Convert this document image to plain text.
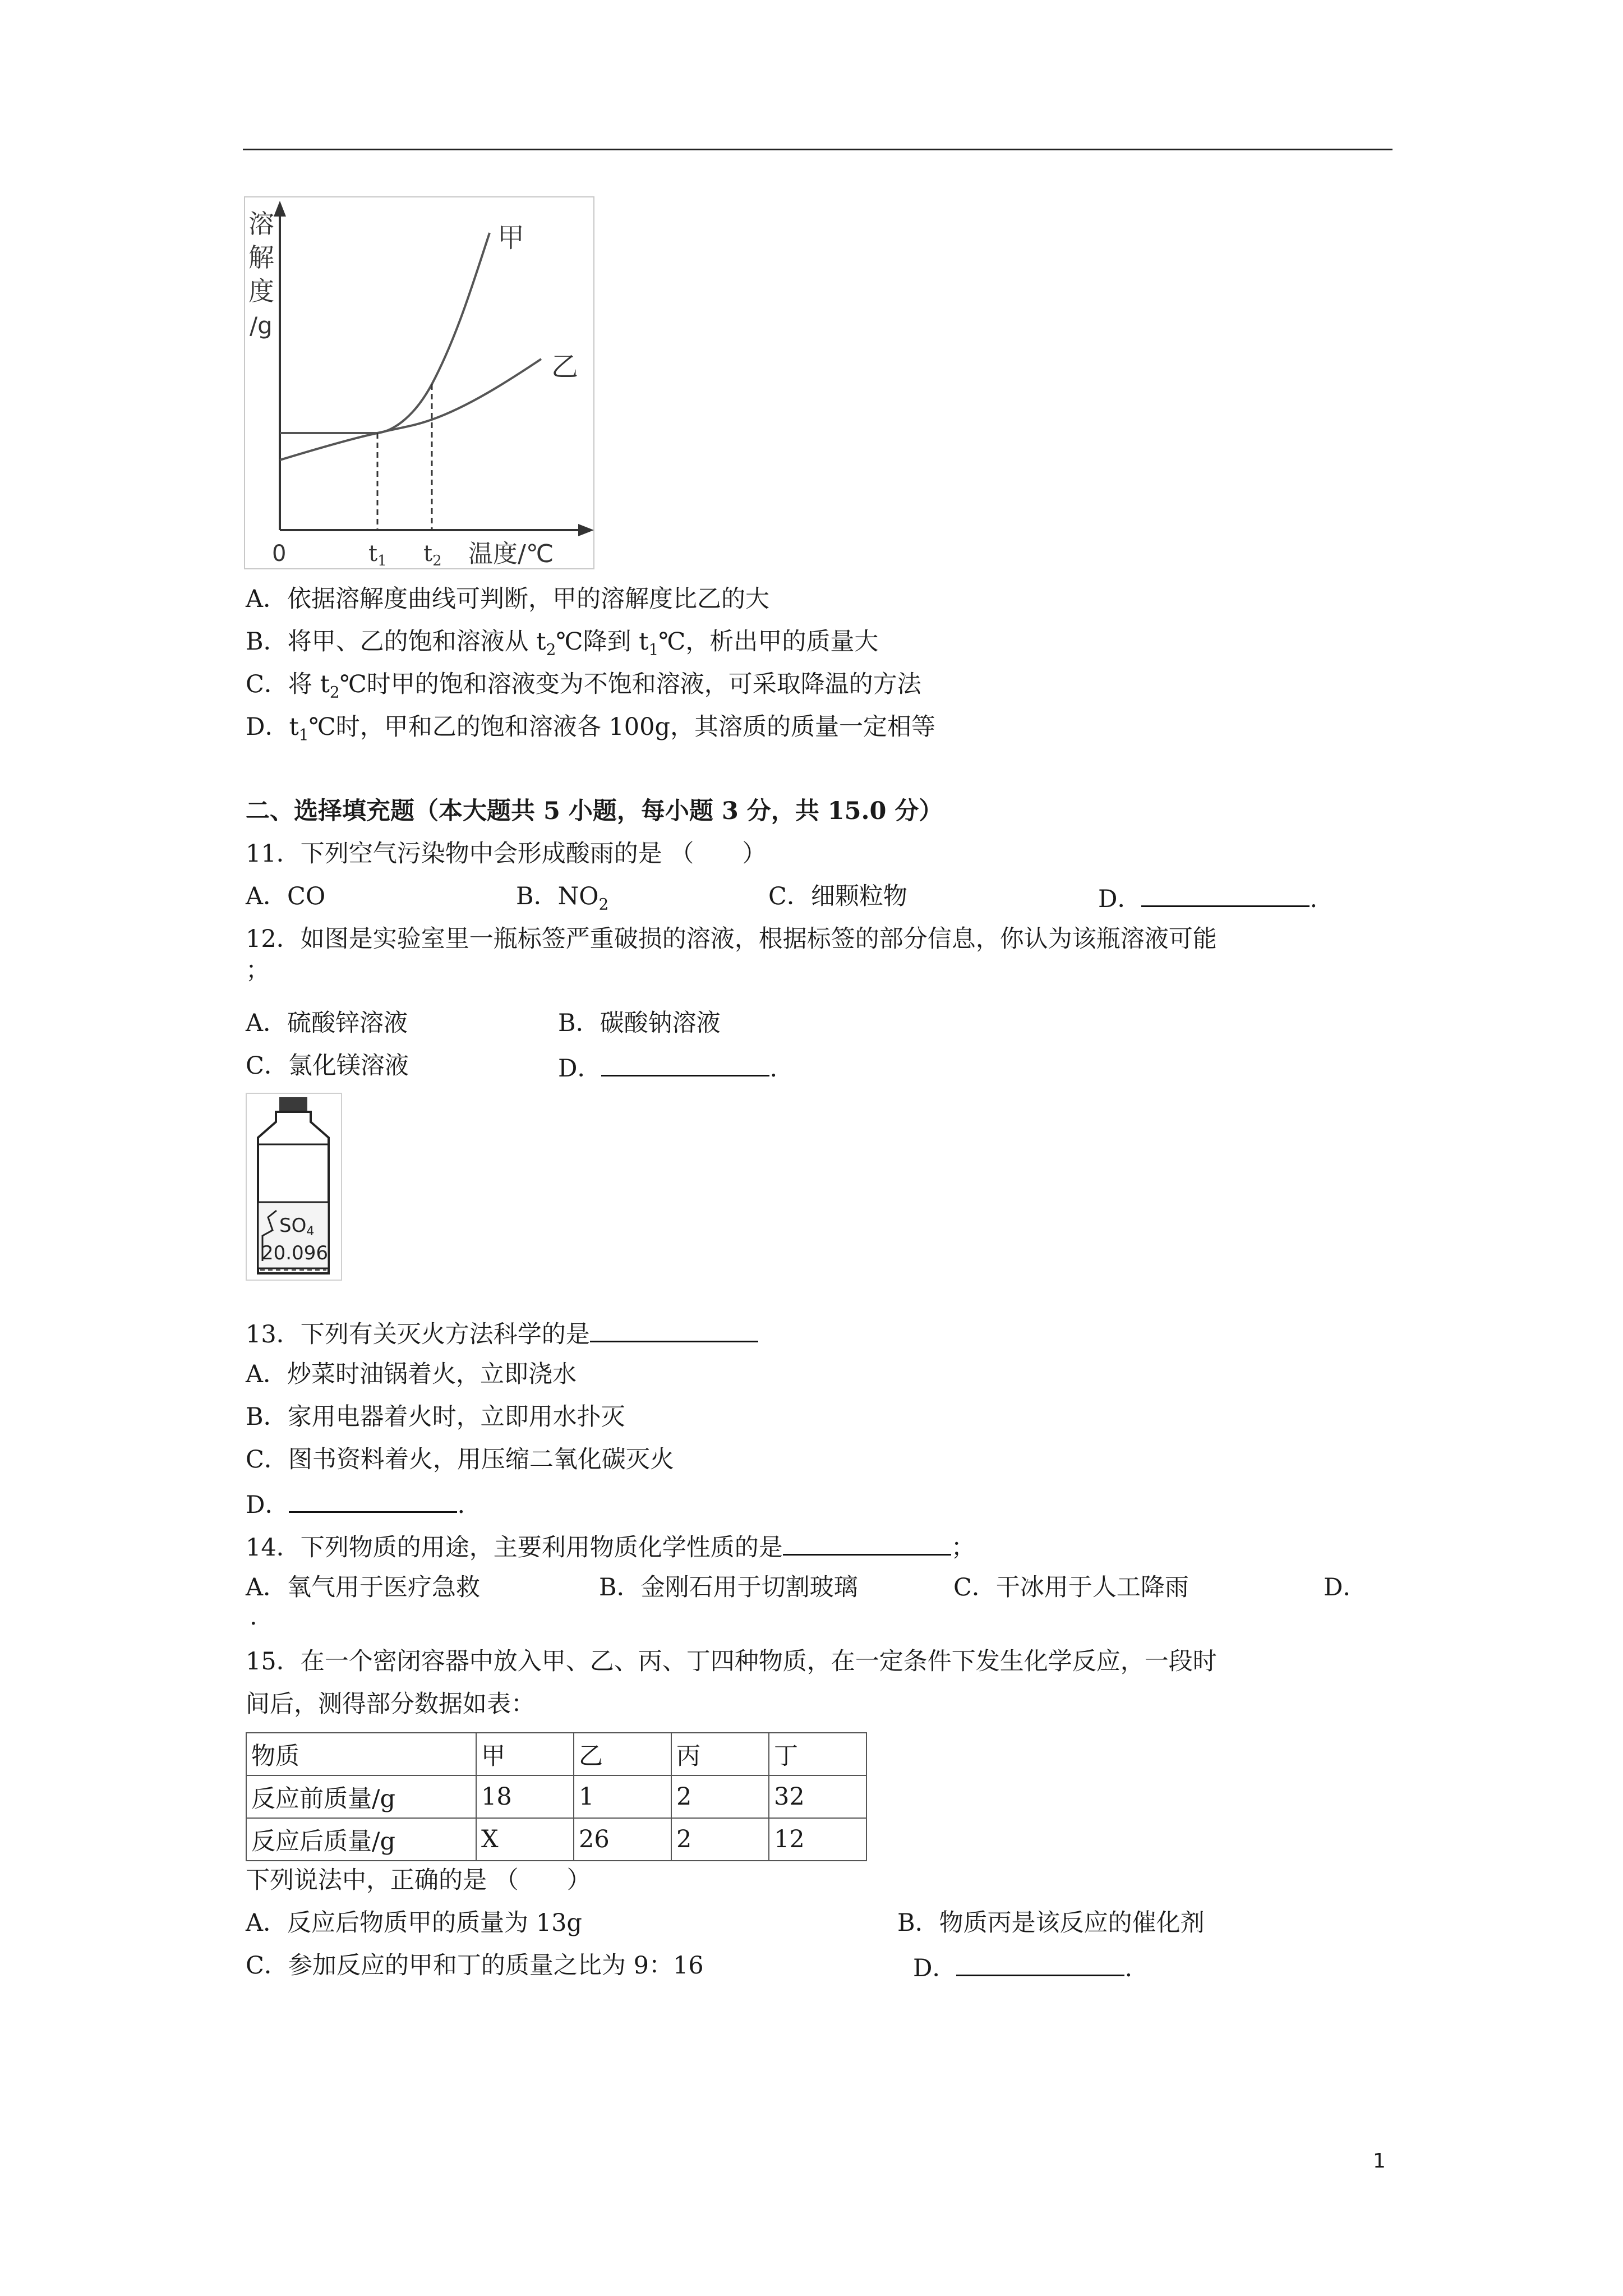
溶
解
度
/g
甲
乙
0	$t_1$ $t_2$ 温度/℃
A．依据溶解度曲线可判断，甲的溶解度比乙的大
B．将甲、乙的饱和溶液从 $t_2℃$降到 $t_1℃$，析出甲的质量大
C．将 $t_2℃$时甲的饱和溶液变为不饱和溶液，可采取降温的方法
D．$t_1℃$时，甲和乙的饱和溶液各 100g，其溶质的质量一定相等
二、选择填充题（本大题共 5 小题，每小题 3 分，共 15.0 分）
11．下列空气污染物中会形成酸雨的是 （　　）
A．CO	B．$NO_2$	C．细颗粒物	D．	.
12．如图是实验室里一瓶标签严重破损的溶液，根据标签的部分信息，你认为该瓶溶液可能
；
A．硫酸锌溶液	B．碳酸钠溶液
C．氯化镁溶液	D．	.
SO4
20.096
13．下列有关灭火方法科学的是
A．炒菜时油锅着火，立即浇水
B．家用电器着火时，立即用水扑灭
C．图书资料着火，用压缩二氧化碳灭火
D．	.
14．下列物质的用途，主要利用物质化学性质的是	；
A．氧气用于医疗急救	B．金刚石用于切割玻璃	C．干冰用于人工降雨	D．
.
15．在一个密闭容器中放入甲、乙、丙、丁四种物质，在一定条件下发生化学反应，一段时
间后，测得部分数据如表：
物质	甲	乙	丙	丁
反应前质量/g	18	1	2	32
反应后质量/g	X	26	2	12
下列说法中，正确的是 （　　）
A．反应后物质甲的质量为 13g	B．物质丙是该反应的催化剂
C．参加反应的甲和丁的质量之比为 9：16	D．	.
1
